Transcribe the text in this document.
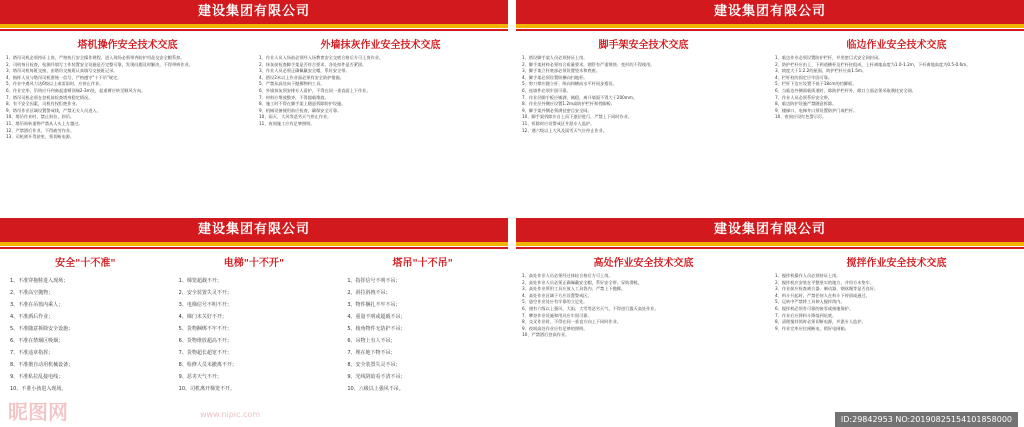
建设集团有限公司
塔机操作安全技术交底
1、塔吊司机必须持证上岗，严格执行安全操作规程，进入现场必须带齐防护用品及安全帽系扣。
2、司机每日检查，检测并填写工作装置安全设施是否完整可靠，发现问题及时解决，不得带病作业。
3、塔吊司机每班交接，由塔吊交接班认真填写交接班记录。
4、指挥人员与塔吊司机要统一信号，严格遵守"十不吊"规定。
5、作业中遇风力达6级以上或雷雨时，应停止作业。
6、作业完毕，吊钩应升到离起重臂顶端2-3m处，起重臂应转至顺风方向。
7、塔吊司机必须在登机前检查塔身稳定情况。
8、有不安全因素，司机有权拒绝作业。
9、塔吊作业区域设置警戒线，严禁无关人员进入。
10、塔吊作业时，禁止斜拉、斜吊。
11、塔吊周转重物严禁从人头上方越过。
12、严禁酒后作业，不得疲劳作业。
13、司机离开驾驶室，须切断电源。
外墙抹灰作业安全技术交底
1、作业人员入场前必须经入场教育安全交底合格后方可上岗作业。
2、抹灰前检查脚手架是否符合要求，各处扣件是否紧固。
3、作业人员必须正确佩戴安全帽，系好安全带。
4、搭设2米以上作业面必须有安全防护措施。
5、严禁从高处向下抛掷物料工具。
6、外墙抹灰须安排专人看护，不得在同一垂直面上下作业。
7、材料应堆放整齐，不得超载堆放。
8、施工时不得在脚手架上随意拆除防护设施。
9、机械设备使用前应检查，确保安全可靠。
10、雨天、大风等恶劣天气停止作业。
11、夜间施工应有足够照明。
建设集团有限公司
脚手架安全技术交底
1、搭设脚手架人员必须持证上岗。
2、脚手架材料必须符合质量要求，钢管有严重锈蚀、变形的不得使用。
3、脚手架立杆底部必须设置垫木和底座。
4、脚手架必须设置纵横向扫地杆。
5、剪刀撑应随立杆、纵向和横向水平杆同步搭设。
6、连墙件必须牢固可靠。
7、作业层脚手板应铺满、铺稳，离开墙面不得大于200mm。
8、作业层外侧应设置1.2m高防护栏杆和挡脚板。
9、脚手架外侧必须满挂密目安全网。
10、脚手架拆除应自上而下逐层进行，严禁上下同时作业。
11、拆除时应设警戒区并派专人监护。
12、遇六级以上大风及雨雪天气应停止作业。
临边作业安全技术交底
1、临边作业必须设置防护栏杆，并用密目式安全网封闭。
2、防护栏杆应由上、下两道横杆及栏杆柱组成，上杆离地高度为1.0-1.2m，下杆离地高度为0.5-0.6m。
3、坡度大于1:2.2的屋面，防护栏杆应高1.5m。
4、栏杆柱的固定应牢固可靠。
5、栏杆下边应设置不低于18cm的挡脚板。
6、当临边外侧面临街道时，除防护栏杆外，敞口立面必须采取满挂安全网。
7、作业人员必须系好安全带。
8、临边防护设施严禁随意拆除。
9、楼梯口、电梯井口须设置防护门或栏杆。
10、夜间应设红色警示灯。
建设集团有限公司
安全"十不准"
1、不准穿拖鞋进入现场；
2、不准高空抛物；
3、不准在吊篮内乘人；
4、不准酒后作业；
5、不准随意拆除安全设施；
6、不准在禁烟区吸烟；
7、不准违章指挥；
8、不准擅自动用机械设备；
9、不准私拉乱接电线；
10、不准小孩进入现场。
电梯"十不开"
1、梯笼超载不开；
2、安全装置失灵不开；
3、电梯信号不明不开；
4、梯门未关好不开；
5、货物捆绑不牢不开；
6、货物堆放超高不开；
7、货物超长超宽不开；
8、检修人员未撤离不开；
9、恶劣天气不开；
10、司机离开梯笼不开。
塔吊"十不吊"
1、指挥信号不明不吊；
2、斜拉斜拽不吊；
3、物件捆扎不牢不吊；
4、重量不明或超载不吊；
5、棱角物件无防护不吊；
6、吊物上有人不吊；
7、埋在地下物不吊；
8、安全装置失灵不吊；
9、光线阴暗看不清不吊；
10、六级以上强风不吊。
昵图网	www.nipic.com
建设集团有限公司
高处作业安全技术交底
1、高处作业人员必须经过体检合格后方可上岗。
2、高处作业人员必须正确佩戴安全帽，系好安全带，穿防滑鞋。
3、高处作业所用工具应放入工具袋内，严禁上下抛掷。
4、高处作业区域下方应设置警戒区。
5、悬空作业处应有牢靠的立足处。
6、遇有六级以上强风、大雨、大雪等恶劣天气，不得进行露天高处作业。
7、攀登作业设施和用具应牢固可靠。
8、交叉作业时，不得在同一垂直方向上下同时作业。
9、夜间高处作业应有足够的照明。
10、严禁酒后登高作业。
搅拌作业安全技术交底
1、搅拌机操作人员必须持证上岗。
2、搅拌机应安装在平整坚实的地方，并用方木垫牢。
3、作业前应检查离合器、制动器、钢丝绳等是否良好。
4、料斗升起时，严禁任何人在料斗下停留或通过。
5、运转中严禁将工具伸入搅拌筒内。
6、搅拌机必须有可靠的接零或接地保护。
7、作业后应将料斗降落到坑底。
8、清理搅拌筒时必须切断电源，并派专人监护。
9、作业完毕应拉闸断电，锁好电闸箱。
ID:29842953 NO:20190825154101858000
